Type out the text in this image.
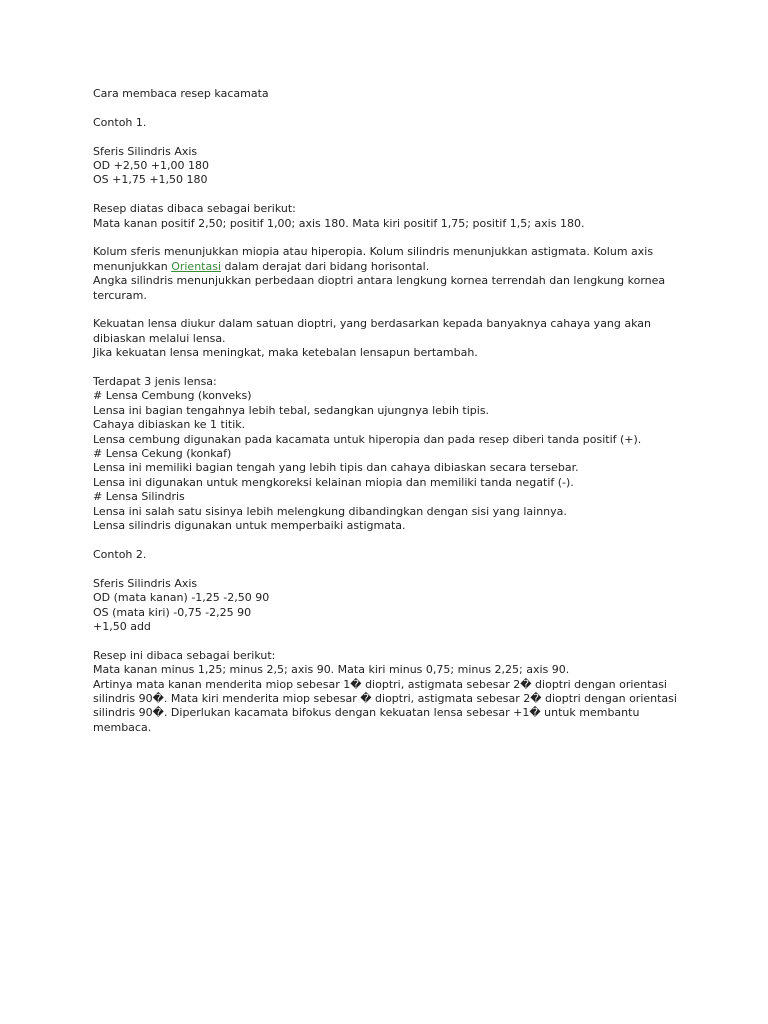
Cara membaca resep kacamata
Contoh 1.
Sferis Silindris Axis
OD +2,50 +1,00 180
OS +1,75 +1,50 180
Resep diatas dibaca sebagai berikut:
Mata kanan positif 2,50; positif 1,00; axis 180. Mata kiri positif 1,75; positif 1,5; axis 180.
Kolum sferis menunjukkan miopia atau hiperopia. Kolum silindris menunjukkan astigmata. Kolum axis menunjukkan Orientasi dalam derajat dari bidang horisontal.
Angka silindris menunjukkan perbedaan dioptri antara lengkung kornea terrendah dan lengkung kornea tercuram.
Kekuatan lensa diukur dalam satuan dioptri, yang berdasarkan kepada banyaknya cahaya yang akan dibiaskan melalui lensa.
Jika kekuatan lensa meningkat, maka ketebalan lensapun bertambah.
Terdapat 3 jenis lensa:
# Lensa Cembung (konveks)
Lensa ini bagian tengahnya lebih tebal, sedangkan ujungnya lebih tipis.
Cahaya dibiaskan ke 1 titik.
Lensa cembung digunakan pada kacamata untuk hiperopia dan pada resep diberi tanda positif (+).
# Lensa Cekung (konkaf)
Lensa ini memiliki bagian tengah yang lebih tipis dan cahaya dibiaskan secara tersebar.
Lensa ini digunakan untuk mengkoreksi kelainan miopia dan memiliki tanda negatif (-).
# Lensa Silindris
Lensa ini salah satu sisinya lebih melengkung dibandingkan dengan sisi yang lainnya.
Lensa silindris digunakan untuk memperbaiki astigmata.
Contoh 2.
Sferis Silindris Axis
OD (mata kanan) -1,25 -2,50 90
OS (mata kiri) -0,75 -2,25 90
+1,50 add
Resep ini dibaca sebagai berikut:
Mata kanan minus 1,25; minus 2,5; axis 90. Mata kiri minus 0,75; minus 2,25; axis 90.
Artinya mata kanan menderita miop sebesar 1� dioptri, astigmata sebesar 2� dioptri dengan orientasi silindris 90�. Mata kiri menderita miop sebesar � dioptri, astigmata sebesar 2� dioptri dengan orientasi silindris 90�. Diperlukan kacamata bifokus dengan kekuatan lensa sebesar +1� untuk membantu membaca.
